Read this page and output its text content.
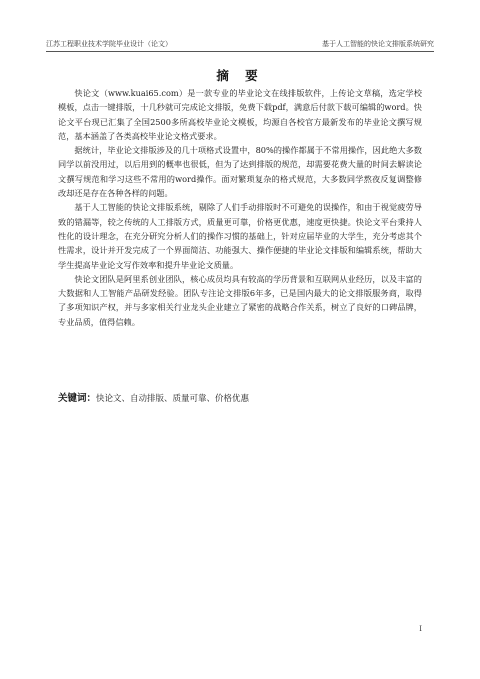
江苏工程职业技术学院毕业设计（论文）	基于人工智能的快论文排版系统研究
摘 要

快论文（www.kuai65.com）是一款专业的毕业论文在线排版软件，上传论文草稿，选定学校模板，点击一键排版，十几秒就可完成论文排版，免费下载pdf，满意后付款下载可编辑的word。快论文平台现已汇集了全国2500多所高校毕业论文模板，均源自各校官方最新发布的毕业论文撰写规范，基本涵盖了各类高校毕业论文格式要求。

据统计，毕业论文排版涉及的几十项格式设置中，80%的操作都属于不常用操作，因此绝大多数同学以前没用过，以后用到的概率也很低，但为了达到排版的规范，却需要花费大量的时间去解读论文撰写规范和学习这些不常用的word操作。面对繁琐复杂的格式规范，大多数同学熬夜反复调整修改却还是存在各种各样的问题。

基于人工智能的快论文排版系统，剔除了人们手动排版时不可避免的误操作，和由于视觉疲劳导致的错漏等，较之传统的人工排版方式，质量更可靠，价格更优惠，速度更快捷。快论文平台秉持人性化的设计理念，在充分研究分析人们的操作习惯的基础上，针对应届毕业的大学生，充分考虑其个性需求，设计并开发完成了一个界面简洁、功能强大、操作便捷的毕业论文排版和编辑系统，帮助大学生提高毕业论文写作效率和提升毕业论文质量。

快论文团队是阿里系创业团队，核心成员均具有较高的学历背景和互联网从业经历，以及丰富的大数据和人工智能产品研发经验。团队专注论文排版6年多，已是国内最大的论文排版服务商，取得了多项知识产权，并与多家相关行业龙头企业建立了紧密的战略合作关系，树立了良好的口碑品牌，专业品质，值得信赖。

关键词：快论文、自动排版、质量可靠、价格优惠
I
